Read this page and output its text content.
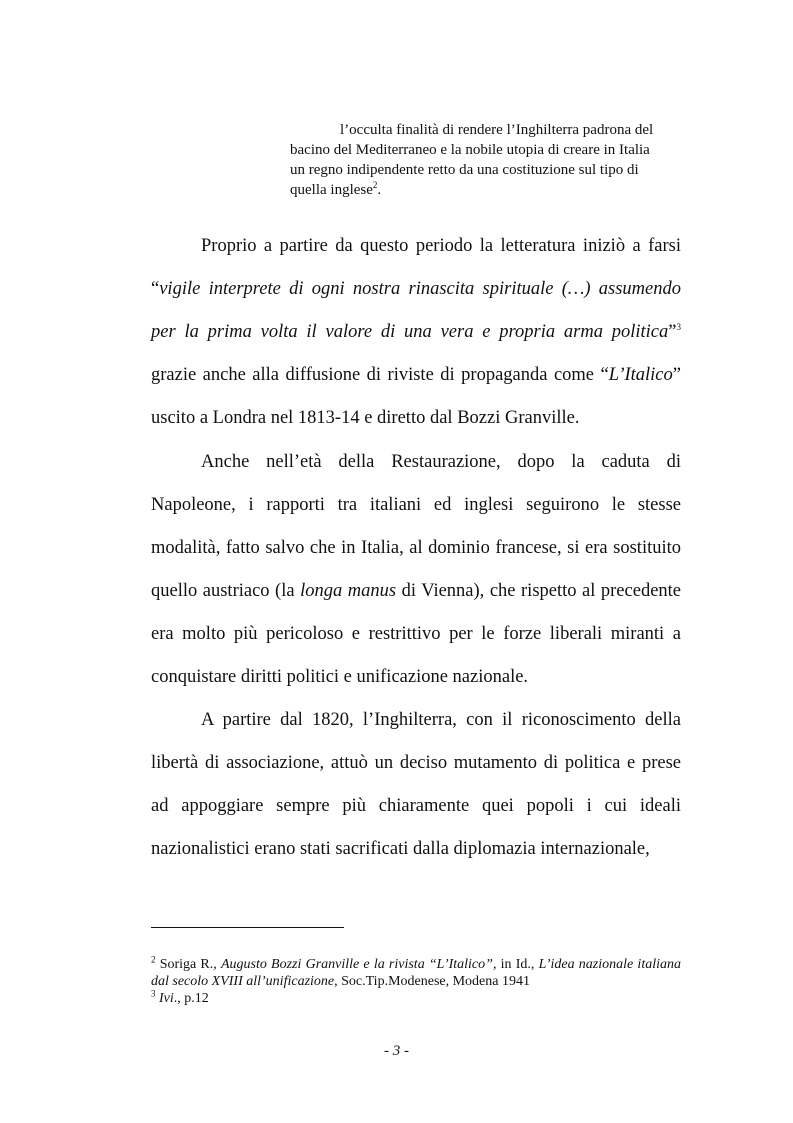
l’occulta finalità di rendere l’Inghilterra padrona del
bacino del Mediterraneo e la nobile utopia di creare in Italia
un regno indipendente retto da una costituzione sul tipo di
quella inglese$^2$.
Proprio a partire da questo periodo la letteratura iniziò a farsi
“vigile interprete di ogni nostra rinascita spirituale (…) assumendo
per la prima volta il valore di una vera e propria arma politica”$^3$
grazie anche alla diffusione di riviste di propaganda come “L’Italico”
uscito a Londra nel 1813-14 e diretto dal Bozzi Granville.
Anche nell’età della Restaurazione, dopo la caduta di
Napoleone, i rapporti tra italiani ed inglesi seguirono le stesse
modalità, fatto salvo che in Italia, al dominio francese, si era sostituito
quello austriaco (la longa manus di Vienna), che rispetto al precedente
era molto più pericoloso e restrittivo per le forze liberali miranti a
conquistare diritti politici e unificazione nazionale.
A partire dal 1820, l’Inghilterra, con il riconoscimento della
libertà di associazione, attuò un deciso mutamento di politica e prese
ad appoggiare sempre più chiaramente quei popoli i cui ideali
nazionalistici erano stati sacrificati dalla diplomazia internazionale,

$^2$ Soriga R., Augusto Bozzi Granville e la rivista “L’Italico”, in Id., L’idea nazionale italiana dal secolo XVIII all’unificazione, Soc.Tip.Modenese, Modena 1941

$^3$ Ivi., p.12

- 3 -
